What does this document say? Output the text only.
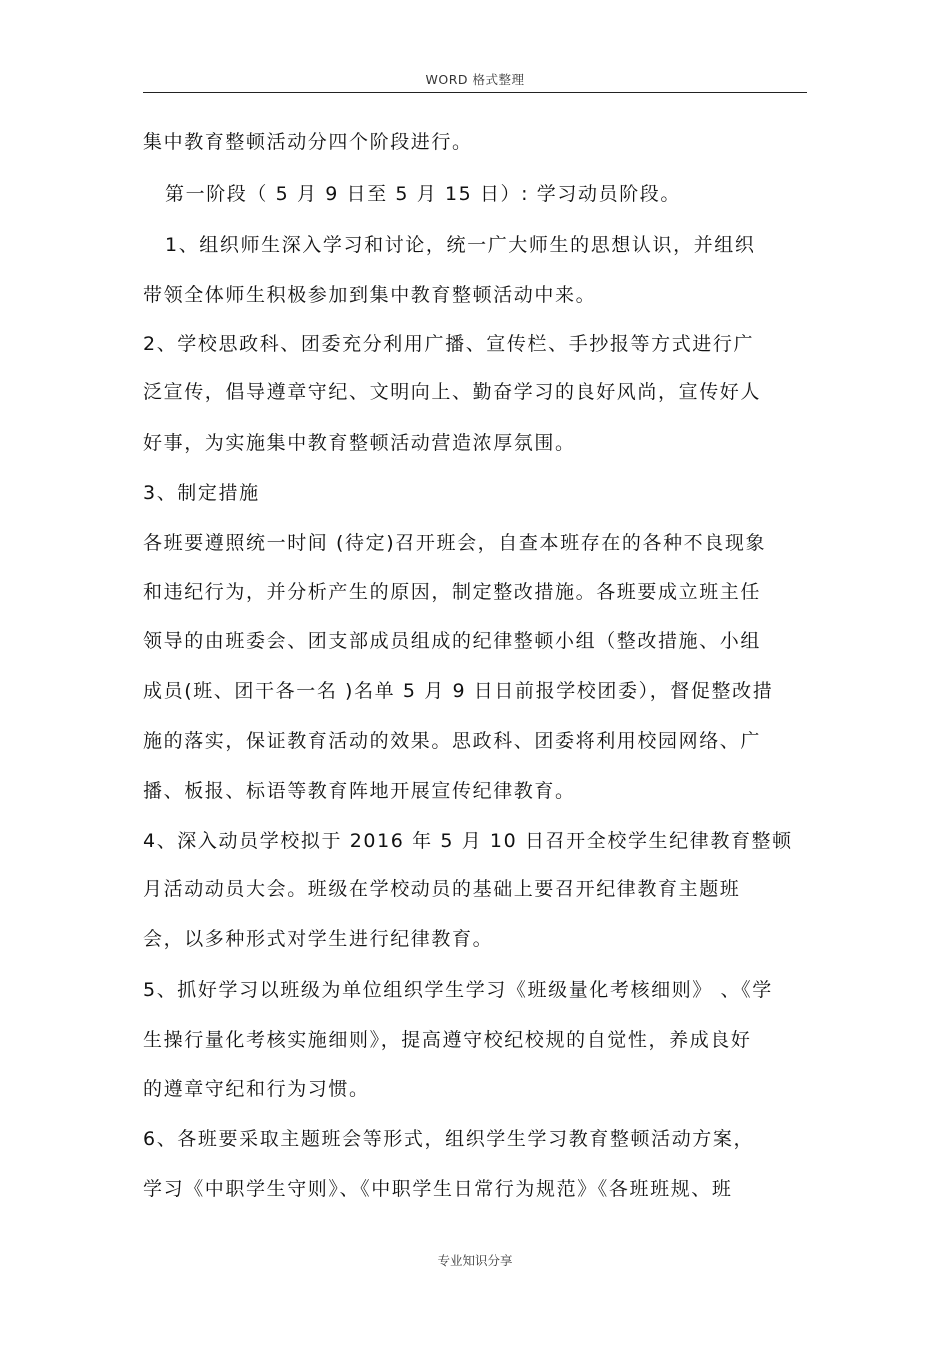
WORD 格式整理
集中教育整顿活动分四个阶段进行。
第一阶段（ 5 月 9 日至 5 月 15 日）: 学习动员阶段。
1、组织师生深入学习和讨论，统一广大师生的思想认识，并组织
带领全体师生积极参加到集中教育整顿活动中来。
2、学校思政科、团委充分利用广播、宣传栏、手抄报等方式进行广
泛宣传，倡导遵章守纪、文明向上、勤奋学习的良好风尚，宣传好人
好事，为实施集中教育整顿活动营造浓厚氛围。
3、制定措施
各班要遵照统一时间 (待定)召开班会，自查本班存在的各种不良现象
和违纪行为，并分析产生的原因，制定整改措施。各班要成立班主任
领导的由班委会、团支部成员组成的纪律整顿小组（整改措施、小组
成员(班、团干各一名 )名单 5 月 9 日日前报学校团委），督促整改措
施的落实，保证教育活动的效果。思政科、团委将利用校园网络、广
播、板报、标语等教育阵地开展宣传纪律教育。
4、深入动员学校拟于 2016 年 5 月 10 日召开全校学生纪律教育整顿
月活动动员大会。班级在学校动员的基础上要召开纪律教育主题班
会，以多种形式对学生进行纪律教育。
5、抓好学习以班级为单位组织学生学习《班级量化考核细则》 、《学
生操行量化考核实施细则》，提高遵守校纪校规的自觉性，养成良好
的遵章守纪和行为习惯。
6、各班要采取主题班会等形式，组织学生学习教育整顿活动方案，
学习《中职学生守则》、《中职学生日常行为规范》《各班班规、班
专业知识分享
